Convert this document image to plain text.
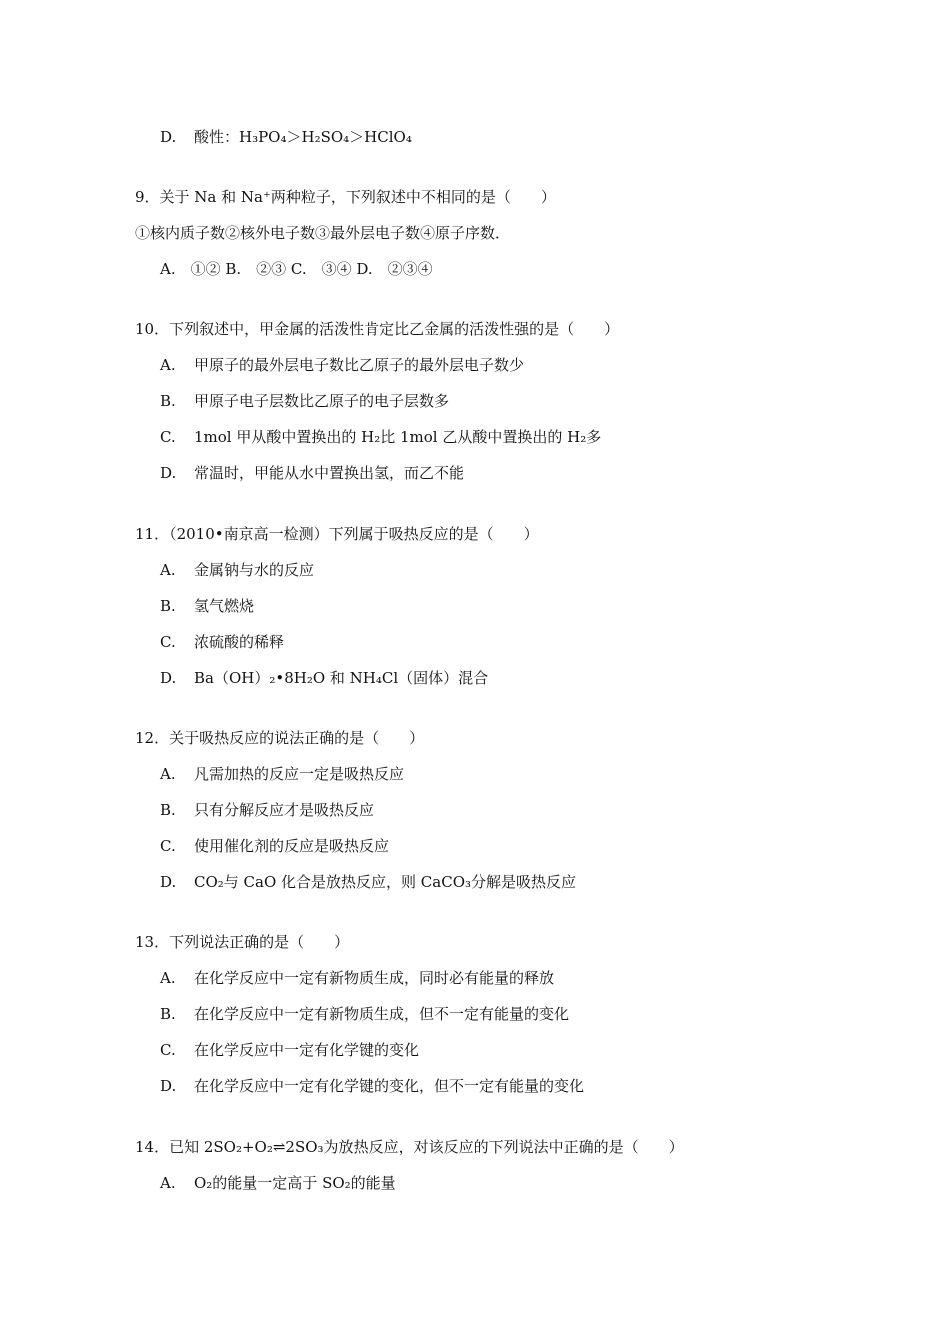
D. 酸性：H₃PO₄＞H₂SO₄＞HClO₄
9．关于 Na 和 Na⁺两种粒子，下列叙述中不相同的是（　　）
①核内质子数②核外电子数③最外层电子数④原子序数．
A.　①② B.　②③ C.　③④ D.　②③④
10．下列叙述中，甲金属的活泼性肯定比乙金属的活泼性强的是（　　）
A. 甲原子的最外层电子数比乙原子的最外层电子数少
B. 甲原子电子层数比乙原子的电子层数多
C. 1mol 甲从酸中置换出的 H₂比 1mol 乙从酸中置换出的 H₂多
D. 常温时，甲能从水中置换出氢，而乙不能
11．（2010•南京高一检测）下列属于吸热反应的是（　　）
A. 金属钠与水的反应
B. 氢气燃烧
C. 浓硫酸的稀释
D. Ba（OH）₂•8H₂O 和 NH₄Cl（固体）混合
12．关于吸热反应的说法正确的是（　　）
A. 凡需加热的反应一定是吸热反应
B. 只有分解反应才是吸热反应
C. 使用催化剂的反应是吸热反应
D. CO₂与 CaO 化合是放热反应，则 CaCO₃分解是吸热反应
13．下列说法正确的是（　　）
A. 在化学反应中一定有新物质生成，同时必有能量的释放
B. 在化学反应中一定有新物质生成，但不一定有能量的变化
C. 在化学反应中一定有化学键的变化
D. 在化学反应中一定有化学键的变化，但不一定有能量的变化
14．已知 2SO₂+O₂⇌2SO₃为放热反应，对该反应的下列说法中正确的是（　　）
A. O₂的能量一定高于 SO₂的能量
